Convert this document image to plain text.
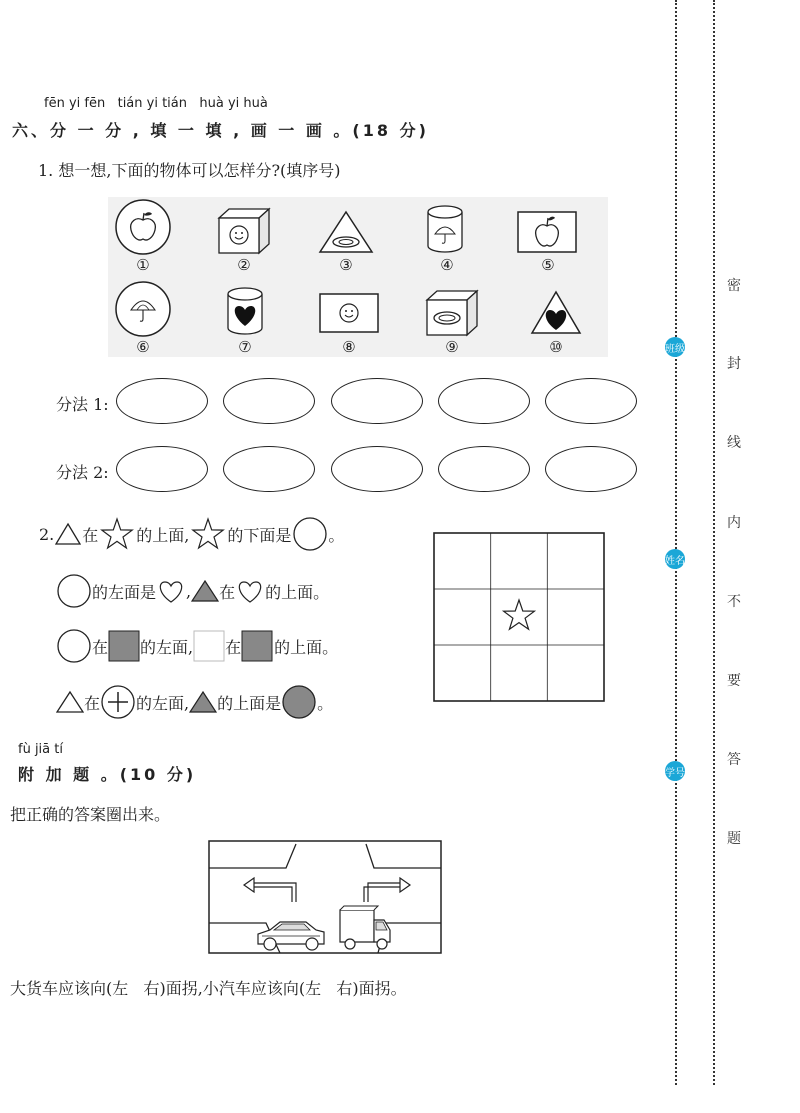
fēn yi fēn   tián yi tián   huà yi huà
六、分 一 分 , 填 一 填 , 画 一 画 。(18 分)
1. 想一想,下面的物体可以怎样分?(填序号)
①	②	③	④	⑤
⑥	⑦	⑧	⑨	⑩
分法 1:
分法 2:
2. 在 的上面, 的下面是 。
的左面是 , 在 的上面。
在 的左面, 在 的上面。
在 的左面, 的上面是 。
fù jiā tí
附 加 题 。(10 分)
把正确的答案圈出来。
大货车应该向(左   右)面拐,小汽车应该向(左   右)面拐。
班级
姓名
学号
密
封
线
内
不
要
答
题
